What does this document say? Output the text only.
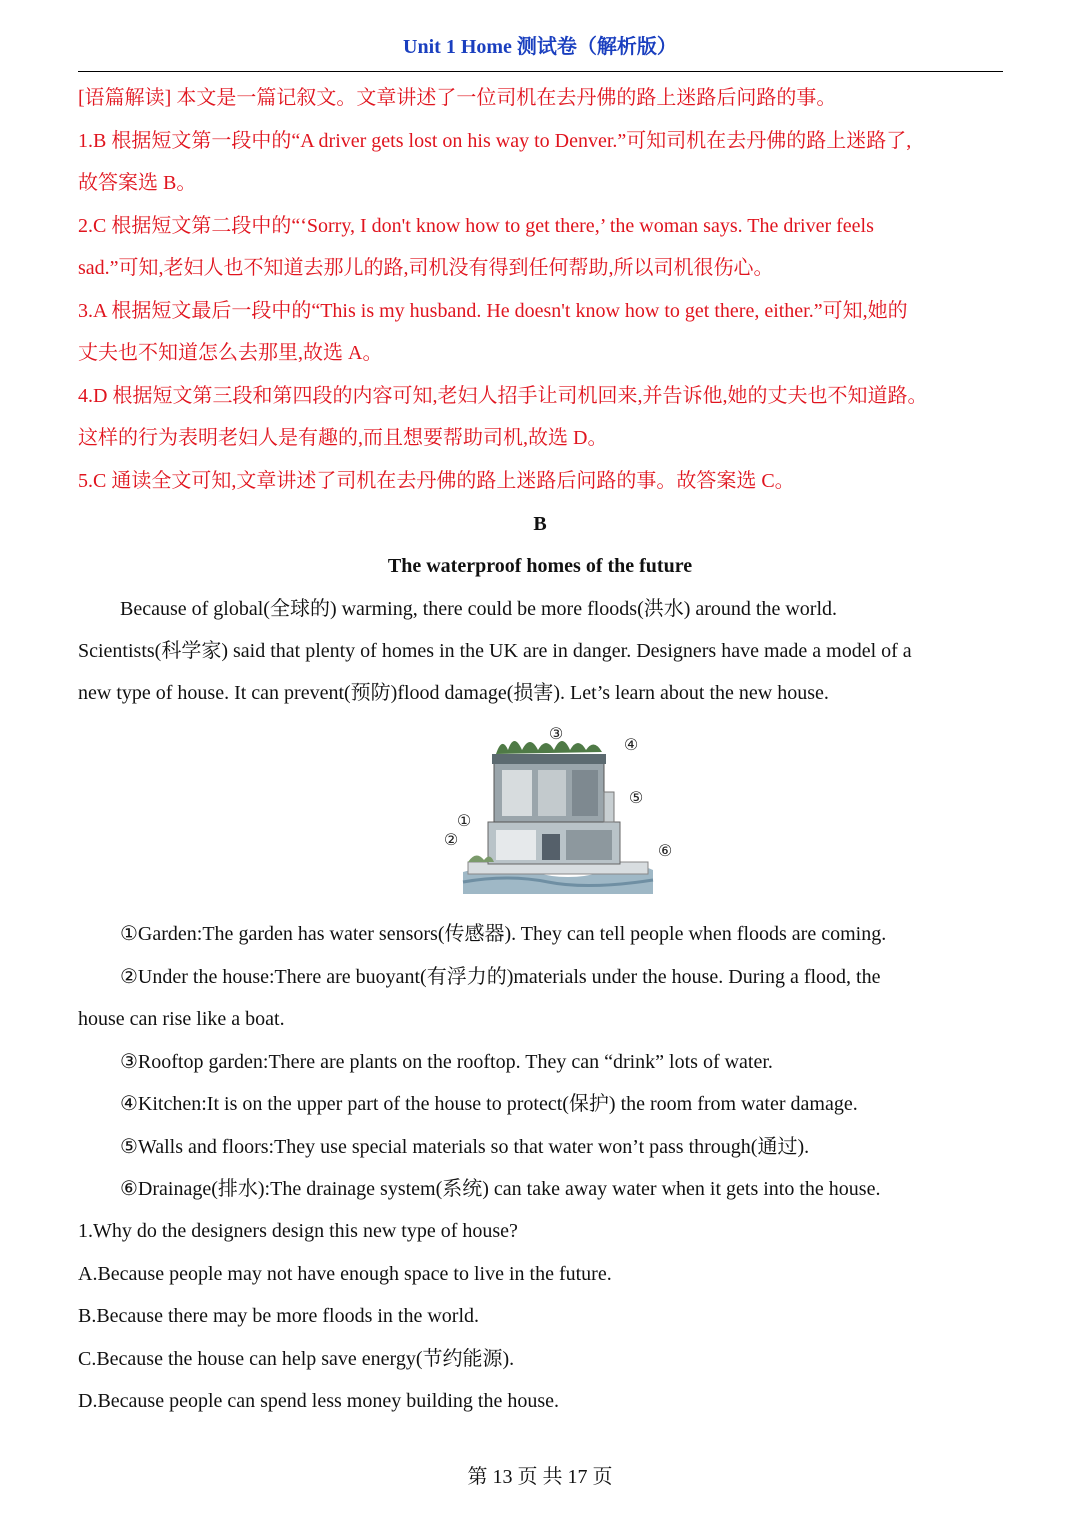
Unit 1 Home 测试卷（解析版）
[语篇解读] 本文是一篇记叙文。文章讲述了一位司机在去丹佛的路上迷路后问路的事。
1.B 根据短文第一段中的“A driver gets lost on his way to Denver.”可知司机在去丹佛的路上迷路了,
故答案选 B。
2.C 根据短文第二段中的“‘Sorry, I don't know how to get there,’ the woman says. The driver feels
sad.”可知,老妇人也不知道去那儿的路,司机没有得到任何帮助,所以司机很伤心。
3.A 根据短文最后一段中的“This is my husband. He doesn't know how to get there, either.”可知,她的
丈夫也不知道怎么去那里,故选 A。
4.D 根据短文第三段和第四段的内容可知,老妇人招手让司机回来,并告诉他,她的丈夫也不知道路。
这样的行为表明老妇人是有趣的,而且想要帮助司机,故选 D。
5.C 通读全文可知,文章讲述了司机在去丹佛的路上迷路后问路的事。故答案选 C。
B
The waterproof homes of the future
Because of global(全球的) warming, there could be more floods(洪水) around the world.
Scientists(科学家) said that plenty of homes in the UK are in danger. Designers have made a model of a
new type of house. It can prevent(预防)flood damage(损害). Let’s learn about the new house.
③
④
⑤
①
②
⑥
①Garden:The garden has water sensors(传感器). They can tell people when floods are coming.
②Under the house:There are buoyant(有浮力的)materials under the house. During a flood, the
house can rise like a boat.
③Rooftop garden:There are plants on the rooftop. They can “drink” lots of water.
④Kitchen:It is on the upper part of the house to protect(保护) the room from water damage.
⑤Walls and floors:They use special materials so that water won’t pass through(通过).
⑥Drainage(排水):The drainage system(系统) can take away water when it gets into the house.
1.Why do the designers design this new type of house?
A.Because people may not have enough space to live in the future.
B.Because there may be more floods in the world.
C.Because the house can help save energy(节约能源).
D.Because people can spend less money building the house.
第 13 页 共 17 页
